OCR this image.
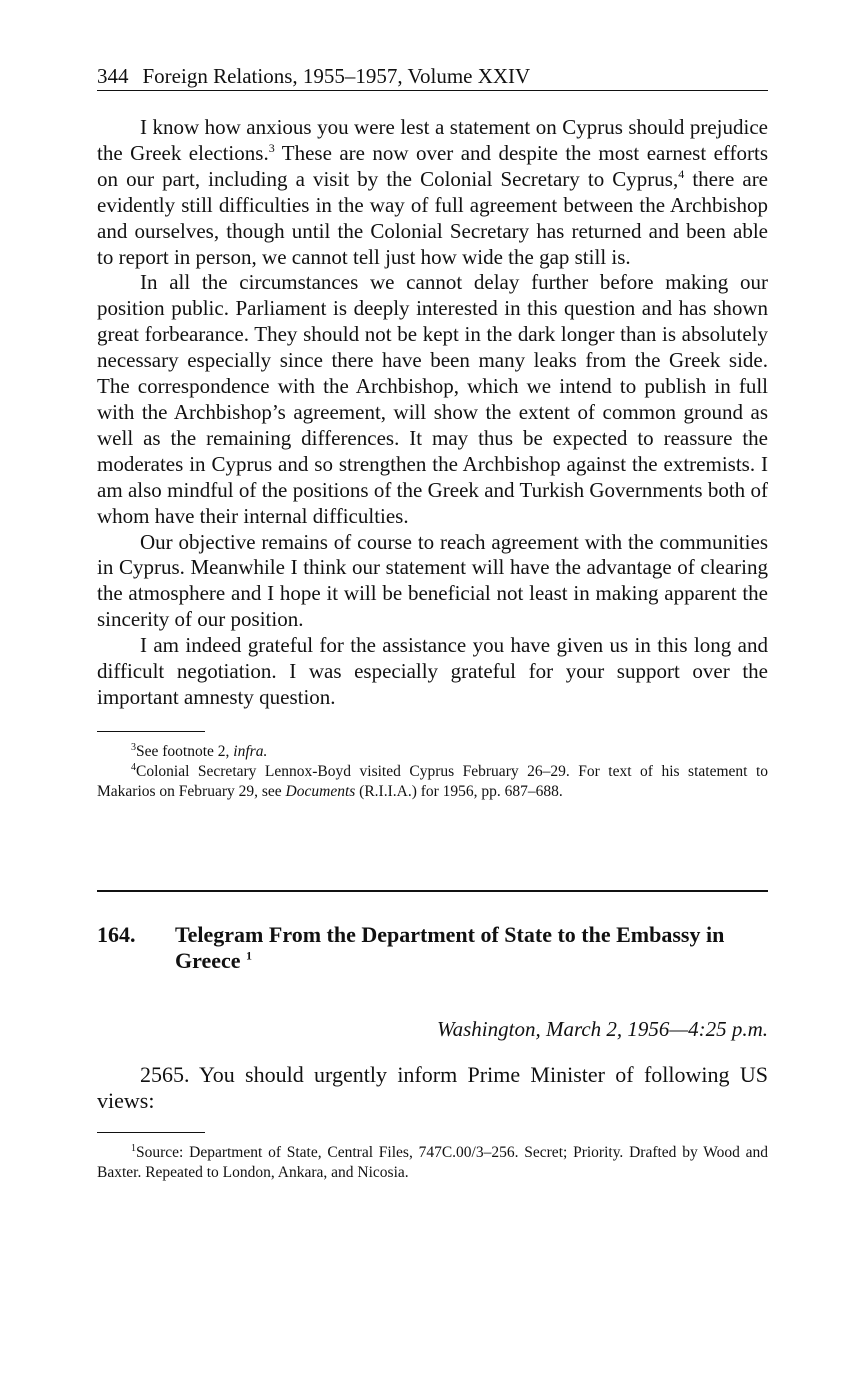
344 Foreign Relations, 1955–1957, Volume XXIV

I know how anxious you were lest a statement on Cyprus should prejudice the Greek elections.$^3$ These are now over and despite the most earnest efforts on our part, including a visit by the Colonial Secretary to Cyprus,$^4$ there are evidently still difficulties in the way of full agreement between the Archbishop and ourselves, though until the Colonial Secretary has returned and been able to report in person, we cannot tell just how wide the gap still is.

In all the circumstances we cannot delay further before making our position public. Parliament is deeply interested in this question and has shown great forbearance. They should not be kept in the dark longer than is absolutely necessary especially since there have been many leaks from the Greek side. The correspondence with the Archbishop, which we intend to publish in full with the Archbishop’s agreement, will show the extent of common ground as well as the remaining differences. It may thus be expected to reassure the moderates in Cyprus and so strengthen the Archbishop against the extremists. I am also mindful of the positions of the Greek and Turkish Governments both of whom have their internal difficulties.

Our objective remains of course to reach agreement with the communities in Cyprus. Meanwhile I think our statement will have the advantage of clearing the atmosphere and I hope it will be beneficial not least in making apparent the sincerity of our position.

I am indeed grateful for the assistance you have given us in this long and difficult negotiation. I was especially grateful for your support over the important amnesty question.

$^3$See footnote 2, infra.

$^4$Colonial Secretary Lennox-Boyd visited Cyprus February 26–29. For text of his statement to Makarios on February 29, see Documents (R.I.I.A.) for 1956, pp. 687–688.

164.	Telegram From the Department of State to the Embassy in Greece $^1$
Washington, March 2, 1956—4:25 p.m.

2565. You should urgently inform Prime Minister of following US views:

$^1$Source: Department of State, Central Files, 747C.00/3–256. Secret; Priority. Drafted by Wood and Baxter. Repeated to London, Ankara, and Nicosia.
